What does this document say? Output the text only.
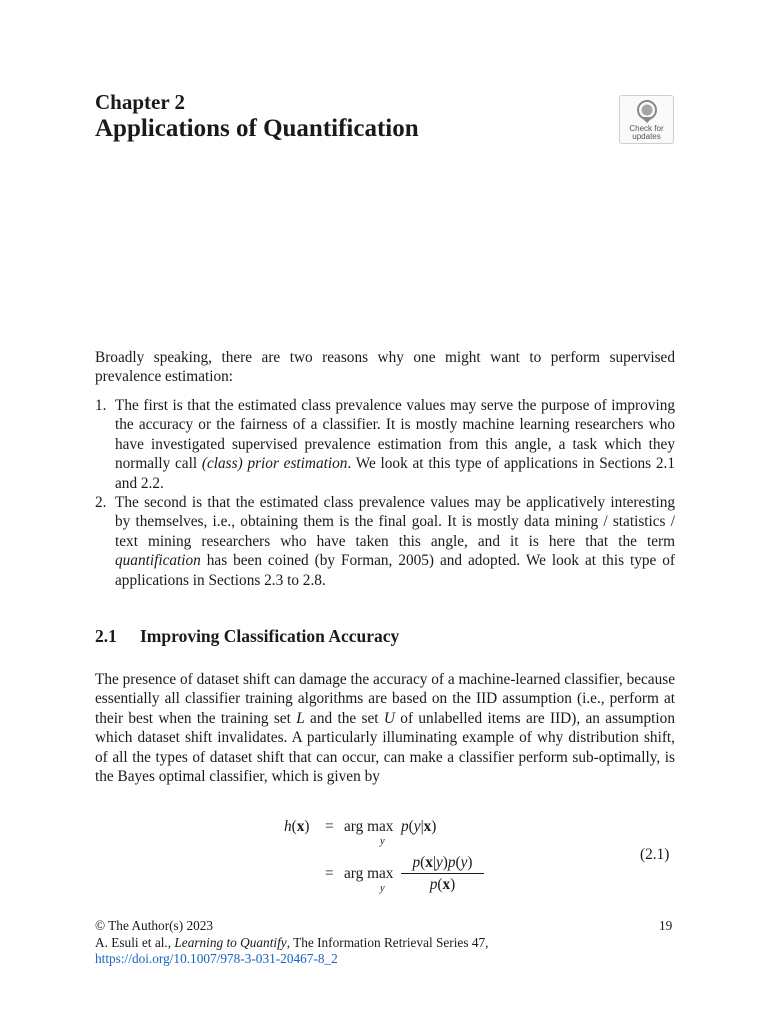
Chapter 2
Applications of Quantification	Check for
updates
Broadly speaking, there are two reasons why one might want to perform supervised prevalence estimation:
1. The first is that the estimated class prevalence values may serve the purpose of improving the accuracy or the fairness of a classifier. It is mostly machine learning researchers who have investigated supervised prevalence estimation from this angle, a task which they normally call (class) prior estimation. We look at this type of applications in Sections 2.1 and 2.2.
2. The second is that the estimated class prevalence values may be applicatively interesting by themselves, i.e., obtaining them is the final goal. It is mostly data mining / statistics / text mining researchers who have taken this angle, and it is here that the term quantification has been coined (by Forman, 2005) and adopted. We look at this type of applications in Sections 2.3 to 2.8.
2.1 Improving Classification Accuracy
The presence of dataset shift can damage the accuracy of a machine-learned classifier, because essentially all classifier training algorithms are based on the IID assumption (i.e., perform at their best when the training set L and the set U of unlabelled items are IID), an assumption which dataset shift invalidates. A particularly illuminating example of why distribution shift, of all the types of dataset shift that can occur, can make a classifier perform sub-optimally, is the Bayes optimal classifier, which is given by
h(x) = arg max
y
p(y|x)
= arg max
y $\frac{p(x|y)p(y)}{p(x)}$	(2.1)
© The Author(s) 2023
A. Esuli et al., Learning to Quantify, The Information Retrieval Series 47,
https://doi.org/10.1007/978-3-031-20467-8_2
19
